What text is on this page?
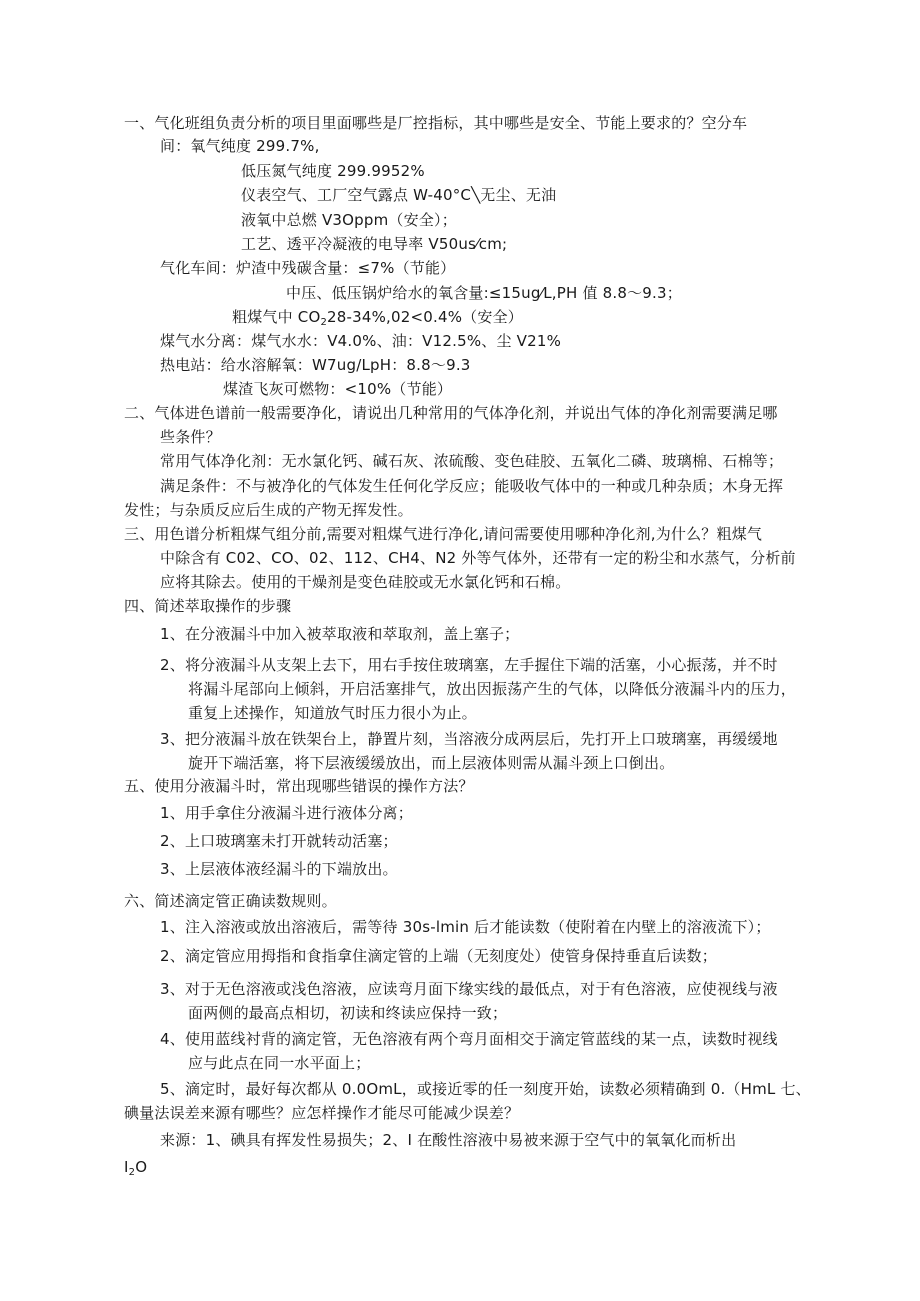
一、气化班组负责分析的项目里面哪些是厂控指标，其中哪些是安全、节能上要求的？空分车
间：氧气纯度 299.7%,
低压氮气纯度 299.9952%
仪表空气、工厂空气露点 W-40°C╲无尘、无油
液氧中总燃 V3Oppm（安全）；
工艺、透平冷凝液的电导率 V50us⁄cm;
气化车间：炉渣中残碳含量：≤7%（节能）
中压、低压锅炉给水的氧含量:≤15ug⁄L,PH 值 8.8～9.3；
粗煤气中 $CO_228-34\%,02<0.4\%$（安全）
煤气水分离：煤气水水：V4.0%、油：V12.5%、尘 V21%
热电站：给水溶解氧：W7ug/LpH：8.8～9.3
煤渣飞灰可燃物：<10%（节能）
二、气体进色谱前一般需要净化，请说出几种常用的气体净化剂，并说出气体的净化剂需要满足哪
些条件？
常用气体净化剂：无水氯化钙、碱石灰、浓硫酸、变色硅胶、五氧化二磷、玻璃棉、石棉等；
满足条件：不与被净化的气体发生任何化学反应；能吸收气体中的一种或几种杂质；木身无挥
发性；与杂质反应后生成的产物无挥发性。
三、用色谱分析粗煤气组分前,需要对粗煤气进行净化,请问需要使用哪种净化剂,为什么？粗煤气
中除含有 C02、CO、02、112、CH4、N2 外等气体外，还带有一定的粉尘和水蒸气，分析前
应将其除去。使用的干燥剂是变色硅胶或无水氯化钙和石棉。
四、简述萃取操作的步骤
1、在分液漏斗中加入被萃取液和萃取剂，盖上塞子；
2、将分液漏斗从支架上去下，用右手按住玻璃塞，左手握住下端的活塞，小心振荡，并不时
将漏斗尾部向上倾斜，开启活塞排气，放出因振荡产生的气体，以降低分液漏斗内的压力，
重复上述操作，知道放气时压力很小为止。
3、把分液漏斗放在铁架台上，静置片刻，当溶液分成两层后，先打开上口玻璃塞，再缓缓地
旋开下端活塞，将下层液缓缓放出，而上层液体则需从漏斗颈上口倒出。
五、使用分液漏斗时，常出现哪些错误的操作方法？
1、用手拿住分液漏斗进行液体分离；
2、上口玻璃塞未打开就转动活塞；
3、上层液体液经漏斗的下端放出。
六、简述滴定管正确读数规则。
1、注入溶液或放出溶液后，需等待 30s-lmin 后才能读数（使附着在内壁上的溶液流下）；
2、滴定管应用拇指和食指拿住滴定管的上端（无刻度处）使管身保持垂直后读数；
3、对于无色溶液或浅色溶液，应读弯月面下缘实线的最低点，对于有色溶液，应使视线与液
面两侧的最高点相切，初读和终读应保持一致；
4、使用蓝线衬背的滴定管，无色溶液有两个弯月面相交于滴定管蓝线的某一点，读数时视线
应与此点在同一水平面上；
5、滴定时，最好每次都从 0.0OmL，或接近零的任一刻度开始，读数必须精确到 0.（HmL 七、
碘量法误差来源有哪些？应怎样操作才能尽可能减少误差？
来源：1、碘具有挥发性易损失；2、I 在酸性溶液中易被来源于空气中的氧氧化而析出
$I_2O$
